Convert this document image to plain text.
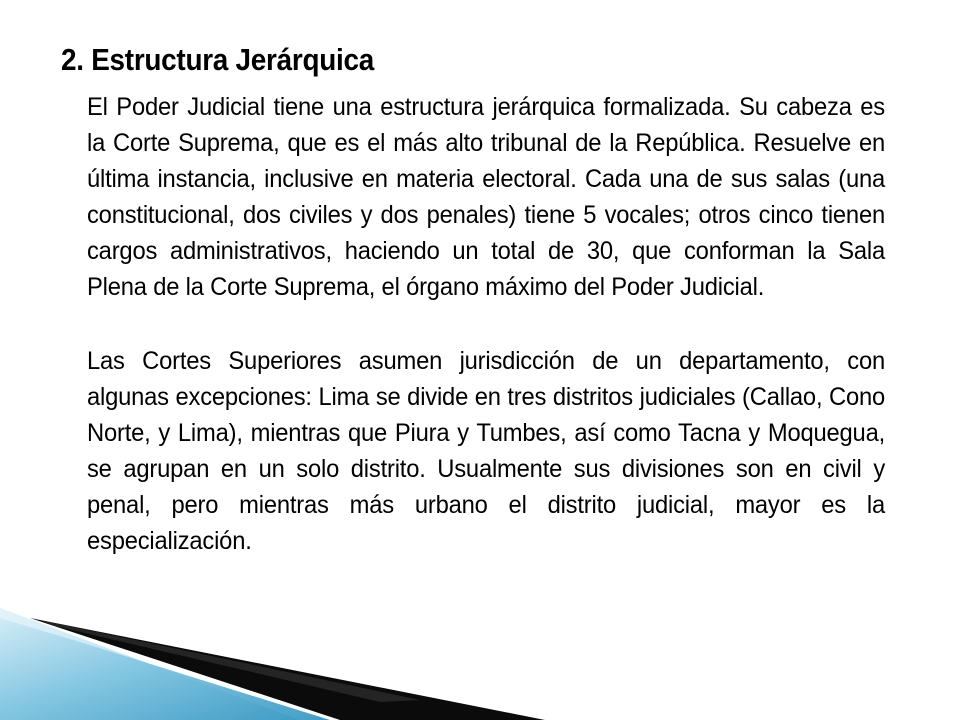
2. Estructura Jerárquica

El Poder Judicial tiene una estructura jerárquica formalizada. Su cabeza es la Corte Suprema, que es el más alto tribunal de la República. Resuelve en última instancia, inclusive en materia electoral. Cada una de sus salas (una constitucional, dos civiles y dos penales) tiene 5 vocales; otros cinco tienen cargos administrativos, haciendo un total de 30, que conforman la Sala Plena de la Corte Suprema, el órgano máximo del Poder Judicial.

Las Cortes Superiores asumen jurisdicción de un departamento, con algunas excepciones: Lima se divide en tres distritos judiciales (Callao, Cono Norte, y Lima), mientras que Piura y Tumbes, así como Tacna y Moquegua, se agrupan en un solo distrito. Usualmente sus divisiones son en civil y penal, pero mientras más urbano el distrito judicial, mayor es la especialización.
